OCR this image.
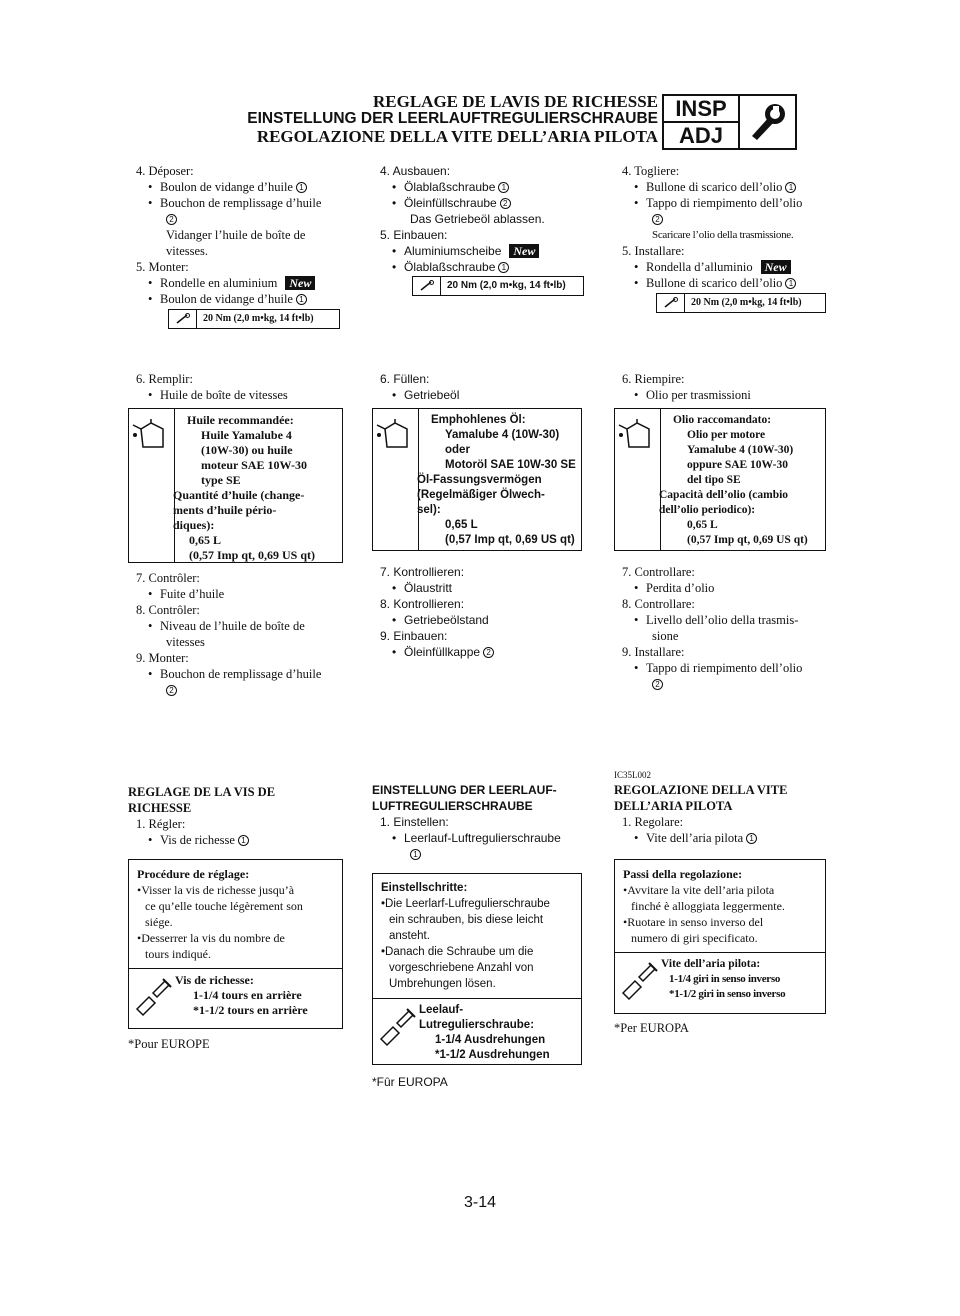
REGLAGE DE LAVIS DE RICHESSE
EINSTELLUNG DER LEERLAUFTREGULIERSCHRAUBE
REGOLAZIONE DELLA VITE DELL’ARIA PILOTA
INSP
ADJ
4. Déposer:
• Boulon de vidange d’huile 1
• Bouchon de remplissage d’huile
2
Vidanger l’huile de boîte de
vitesses.
5. Monter:
• Rondelle en aluminium New
• Boulon de vidange d’huile 1
20 Nm (2,0 m•kg, 14 ft•lb)
6. Remplir:
• Huile de boîte de vitesses
Huile recommandée:
Huile Yamalube 4
(10W-30) ou huile
moteur SAE 10W-30
type SE
Quantité d’huile (change-
ments d’huile pério-
diques):
0,65 L
(0,57 Imp qt, 0,69 US qt)
7. Contrôler:
• Fuite d’huile
8. Contrôler:
• Niveau de l’huile de boîte de
vitesses
9. Monter:
• Bouchon de remplissage d’huile
2
REGLAGE DE LA VIS DE
RICHESSE
1. Régler:
• Vis de richesse 1
Procédure de réglage:
•Visser la vis de richesse jusqu’à
ce qu’elle touche légèrement son
siége.
•Desserrer la vis du nombre de
tours indiqué.
Vis de richesse:
1-1/4 tours en arrière
*1-1/2 tours en arrière
*Pour EUROPE
4. Ausbauen:
• Ölablaßschraube 1
• Öleinfüllschraube 2
Das Getriebeöl ablassen.
5. Einbauen:
• Aluminiumscheibe New
• Ölablaßschraube 1
20 Nm (2,0 m•kg, 14 ft•lb)
6. Füllen:
• Getriebeöl
Emphohlenes Öl:
Yamalube 4 (10W-30)
oder
Motoröl SAE 10W-30 SE
Öl-Fassungsvermögen
(Regelmäßiger Ölwech-
sel):
0,65 L
(0,57 Imp qt, 0,69 US qt)
7. Kontrollieren:
• Ölaustritt
8. Kontrollieren:
• Getriebeölstand
9. Einbauen:
• Öleinfüllkappe 2
EINSTELLUNG DER LEERLAUF-
LUFTREGULIERSCHRAUBE
1. Einstellen:
• Leerlauf-Luftregulierschraube
1
Einstellschritte:
•Die Leerlarf-Lufregulierschraube
ein schrauben, bis diese leicht
ansteht.
•Danach die Schraube um die
vorgeschriebene Anzahl von
Umbrehungen lösen.
Leelauf-
Lutregulierschraube:
1-1/4 Ausdrehungen
*1-1/2 Ausdrehungen
*Fûr EUROPA
4. Togliere:
• Bullone di scarico dell’olio 1
• Tappo di riempimento dell’olio
2
Scaricare l’olio della trasmissione.
5. Installare:
• Rondella d’alluminio New
• Bullone di scarico dell’olio 1
20 Nm (2,0 m•kg, 14 ft•lb)
6. Riempire:
• Olio per trasmissioni
Olio raccomandato:
Olio per motore
Yamalube 4 (10W-30)
oppure SAE 10W-30
del tipo SE
Capacità dell’olio (cambio
dell’olio periodico):
0,65 L
(0,57 Imp qt, 0,69 US qt)
7. Controllare:
• Perdita d’olio
8. Controllare:
• Livello dell’olio della trasmis-
sione
9. Installare:
• Tappo di riempimento dell’olio
2
IC35L002
REGOLAZIONE DELLA VITE
DELL’ARIA PILOTA
1. Regolare:
• Vite dell’aria pilota 1
Passi della regolazione:
•Avvitare la vite dell’aria pilota
finché è alloggiata leggermente.
•Ruotare in senso inverso del
numero di giri specificato.
Vite dell’aria pilota:
1-1/4 giri in senso inverso
*1-1/2 giri in senso inverso
*Per EUROPA
3-14
